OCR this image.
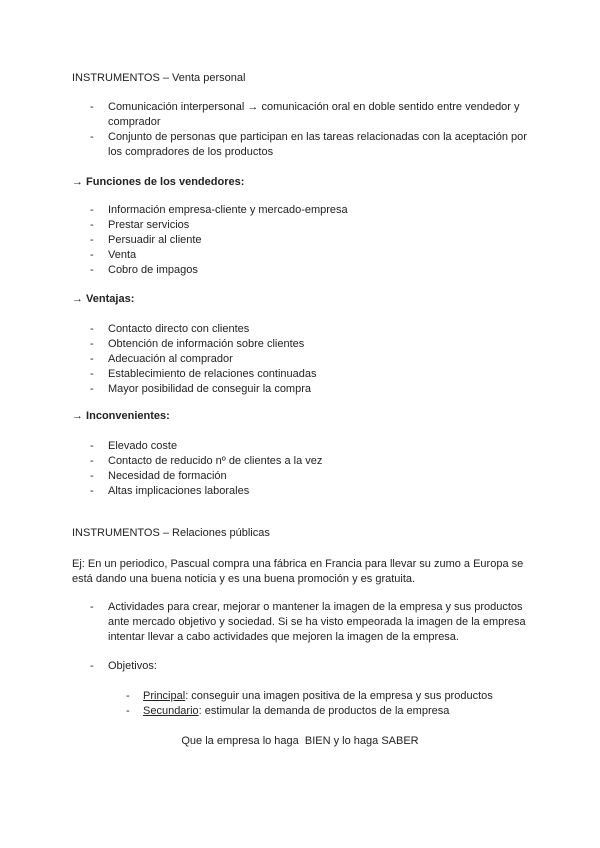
INSTRUMENTOS – Venta personal
- Comunicación interpersonal → comunicación oral en doble sentido entre vendedor y comprador
- Conjunto de personas que participan en las tareas relacionadas con la aceptación por los compradores de los productos
→ Funciones de los vendedores:
- Información empresa-cliente y mercado-empresa
- Prestar servicios
- Persuadir al cliente
- Venta
- Cobro de impagos
→ Ventajas:
- Contacto directo con clientes
- Obtención de información sobre clientes
- Adecuación al comprador
- Establecimiento de relaciones continuadas
- Mayor posibilidad de conseguir la compra
→ Inconvenientes:
- Elevado coste
- Contacto de reducido nº de clientes a la vez
- Necesidad de formación
- Altas implicaciones laborales
INSTRUMENTOS – Relaciones públicas
Ej: En un periodico, Pascual compra una fábrica en Francia para llevar su zumo a Europa se está dando una buena noticia y es una buena promoción y es gratuita.
- Actividades para crear, mejorar o mantener la imagen de la empresa y sus productos ante mercado objetivo y sociedad. Si se ha visto empeorada la imagen de la empresa intentar llevar a cabo actividades que mejoren la imagen de la empresa.
- Objetivos:
- Principal: conseguir una imagen positiva de la empresa y sus productos
- Secundario: estimular la demanda de productos de la empresa
Que la empresa lo haga  BIEN y lo haga SABER
